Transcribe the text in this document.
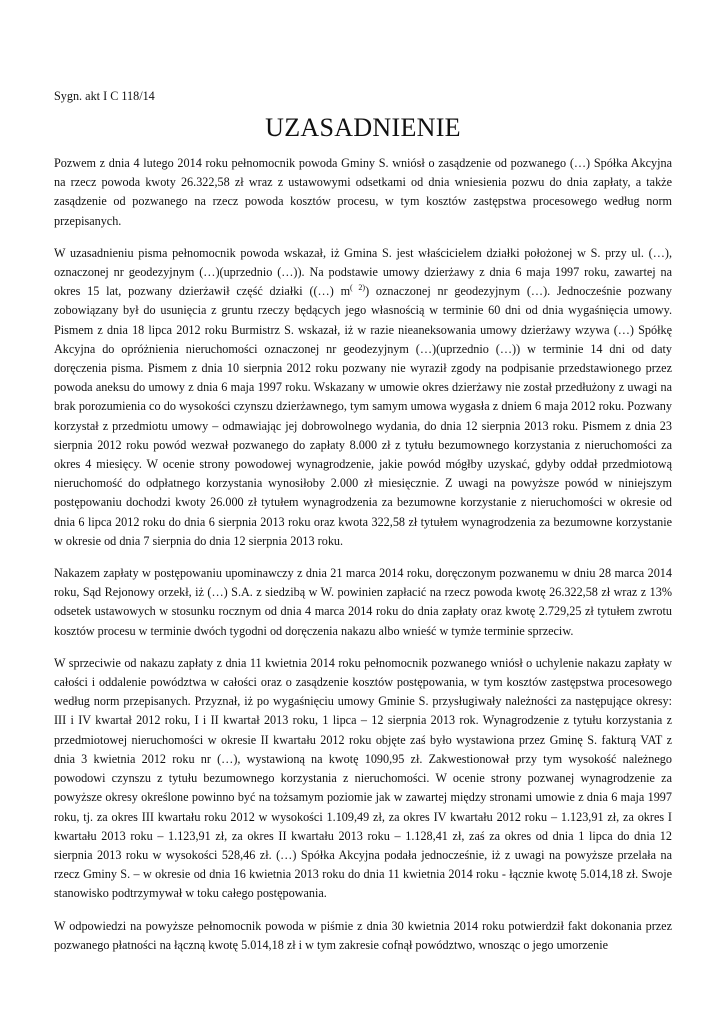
Sygn. akt I C 118/14
UZASADNIENIE

Pozwem z dnia 4 lutego 2014 roku pełnomocnik powoda Gminy S. wniósł o zasądzenie od pozwanego (…) Spółka Akcyjna na rzecz powoda kwoty 26.322,58 zł wraz z ustawowymi odsetkami od dnia wniesienia pozwu do dnia zapłaty, a także zasądzenie od pozwanego na rzecz powoda kosztów procesu, w tym kosztów zastępstwa procesowego według norm przepisanych.

W uzasadnieniu pisma pełnomocnik powoda wskazał, iż Gmina S. jest właścicielem działki położonej w S. przy ul. (…), oznaczonej nr geodezyjnym (…)(uprzednio (…)). Na podstawie umowy dzierżawy z dnia 6 maja 1997 roku, zawartej na okres 15 lat, pozwany dzierżawił część działki ((…) $m^{( 2)}$) oznaczonej nr geodezyjnym (…). Jednocześnie pozwany zobowiązany był do usunięcia z gruntu rzeczy będących jego własnością w terminie 60 dni od dnia wygaśnięcia umowy. Pismem z dnia 18 lipca 2012 roku Burmistrz S. wskazał, iż w razie nieaneksowania umowy dzierżawy wzywa (…) Spółkę Akcyjna do opróżnienia nieruchomości oznaczonej nr geodezyjnym (…)(uprzednio (…)) w terminie 14 dni od daty doręczenia pisma. Pismem z dnia 10 sierpnia 2012 roku pozwany nie wyraził zgody na podpisanie przedstawionego przez powoda aneksu do umowy z dnia 6 maja 1997 roku. Wskazany w umowie okres dzierżawy nie został przedłużony z uwagi na brak porozumienia co do wysokości czynszu dzierżawnego, tym samym umowa wygasła z dniem 6 maja 2012 roku. Pozwany korzystał z przedmiotu umowy – odmawiając jej dobrowolnego wydania, do dnia 12 sierpnia 2013 roku. Pismem z dnia 23 sierpnia 2012 roku powód wezwał pozwanego do zapłaty 8.000 zł z tytułu bezumownego korzystania z nieruchomości za okres 4 miesięcy. W ocenie strony powodowej wynagrodzenie, jakie powód mógłby uzyskać, gdyby oddał przedmiotową nieruchomość do odpłatnego korzystania wynosiłoby 2.000 zł miesięcznie. Z uwagi na powyższe powód w niniejszym postępowaniu dochodzi kwoty 26.000 zł tytułem wynagrodzenia za bezumowne korzystanie z nieruchomości w okresie od dnia 6 lipca 2012 roku do dnia 6 sierpnia 2013 roku oraz kwota 322,58 zł tytułem wynagrodzenia za bezumowne korzystanie w okresie od dnia 7 sierpnia do dnia 12 sierpnia 2013 roku.

Nakazem zapłaty w postępowaniu upominawczy z dnia 21 marca 2014 roku, doręczonym pozwanemu w dniu 28 marca 2014 roku, Sąd Rejonowy orzekł, iż (…) S.A. z siedzibą w W. powinien zapłacić na rzecz powoda kwotę 26.322,58 zł wraz z 13% odsetek ustawowych w stosunku rocznym od dnia 4 marca 2014 roku do dnia zapłaty oraz kwotę 2.729,25 zł tytułem zwrotu kosztów procesu w terminie dwóch tygodni od doręczenia nakazu albo wnieść w tymże terminie sprzeciw.

W sprzeciwie od nakazu zapłaty z dnia 11 kwietnia 2014 roku pełnomocnik pozwanego wniósł o uchylenie nakazu zapłaty w całości i oddalenie powództwa w całości oraz o zasądzenie kosztów postępowania, w tym kosztów zastępstwa procesowego według norm przepisanych. Przyznał, iż po wygaśnięciu umowy Gminie S. przysługiwały należności za następujące okresy: III i IV kwartał 2012 roku, I i II kwartał 2013 roku, 1 lipca – 12 sierpnia 2013 rok. Wynagrodzenie z tytułu korzystania z przedmiotowej nieruchomości w okresie II kwartału 2012 roku objęte zaś było wystawiona przez Gminę S. fakturą VAT z dnia 3 kwietnia 2012 roku nr (…), wystawioną na kwotę 1090,95 zł. Zakwestionował przy tym wysokość należnego powodowi czynszu z tytułu bezumownego korzystania z nieruchomości. W ocenie strony pozwanej wynagrodzenie za powyższe okresy określone powinno być na tożsamym poziomie jak w zawartej między stronami umowie z dnia 6 maja 1997 roku, tj. za okres III kwartału roku 2012 w wysokości 1.109,49 zł, za okres IV kwartału 2012 roku – 1.123,91 zł, za okres I kwartału 2013 roku – 1.123,91 zł, za okres II kwartału 2013 roku – 1.128,41 zł, zaś za okres od dnia 1 lipca do dnia 12 sierpnia 2013 roku w wysokości 528,46 zł. (…) Spółka Akcyjna podała jednocześnie, iż z uwagi na powyższe przelała na rzecz Gminy S. – w okresie od dnia 16 kwietnia 2013 roku do dnia 11 kwietnia 2014 roku - łącznie kwotę 5.014,18 zł. Swoje stanowisko podtrzymywał w toku całego postępowania.

W odpowiedzi na powyższe pełnomocnik powoda w piśmie z dnia 30 kwietnia 2014 roku potwierdził fakt dokonania przez pozwanego płatności na łączną kwotę 5.014,18 zł i w tym zakresie cofnął powództwo, wnosząc o jego umorzenie
